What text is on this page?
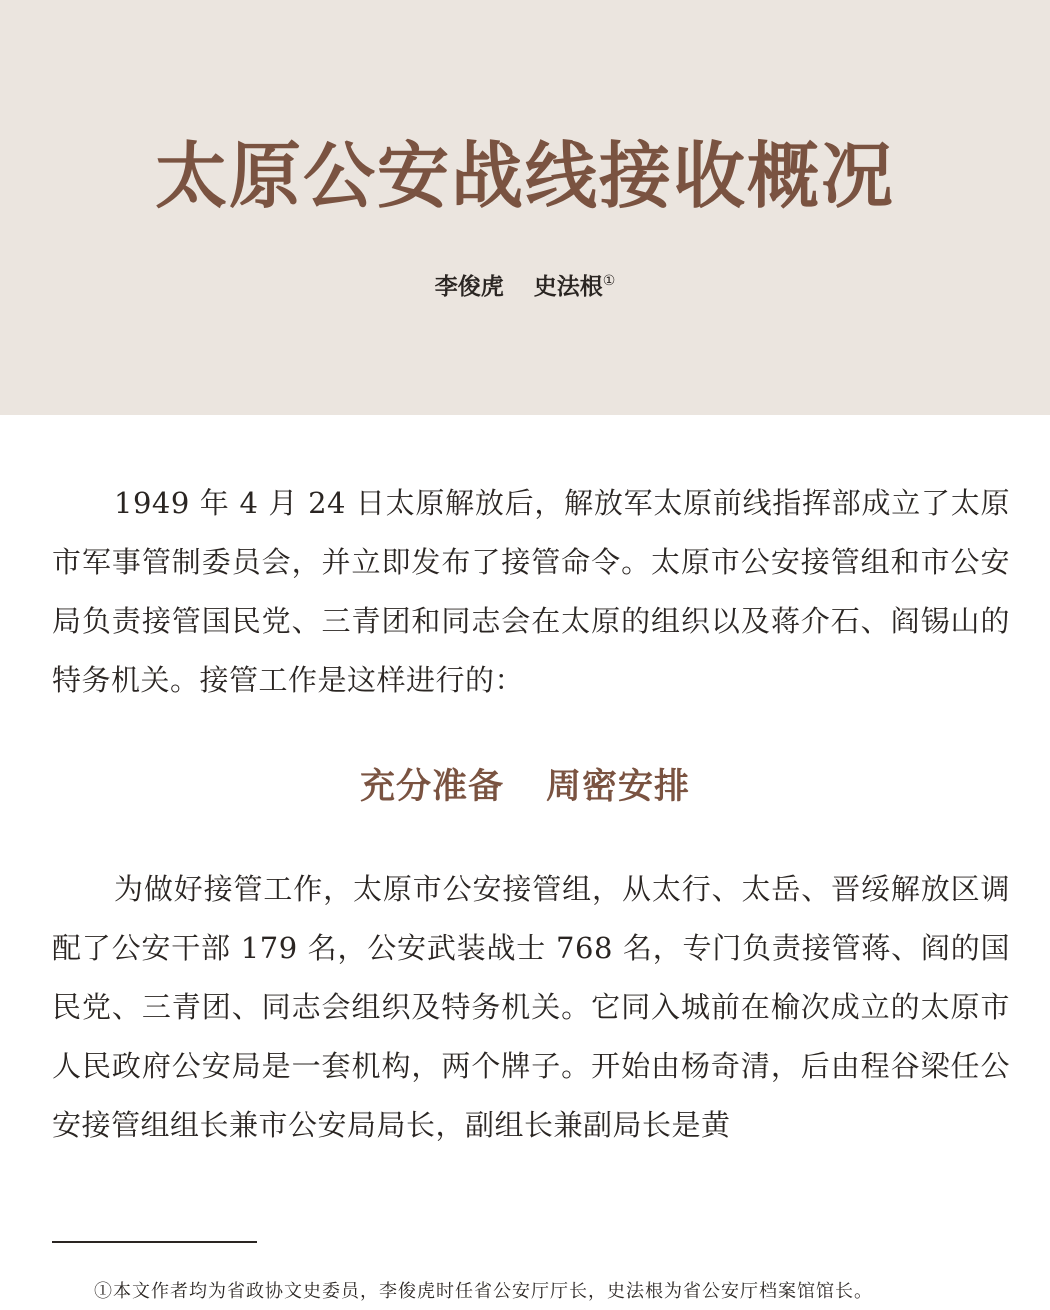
太原公安战线接收概况
李俊虎 史法根①

1949 年 4 月 24 日太原解放后，解放军太原前线指挥部成立了太原市军事管制委员会，并立即发布了接管命令。太原市公安接管组和市公安局负责接管国民党、三青团和同志会在太原的组织以及蒋介石、阎锡山的特务机关。接管工作是这样进行的：

充分准备 周密安排

为做好接管工作，太原市公安接管组，从太行、太岳、晋绥解放区调配了公安干部 179 名，公安武装战士 768 名，专门负责接管蒋、阎的国民党、三青团、同志会组织及特务机关。它同入城前在榆次成立的太原市人民政府公安局是一套机构，两个牌子。开始由杨奇清，后由程谷梁任公安接管组组长兼市公安局局长，副组长兼副局长是黄

①本文作者均为省政协文史委员，李俊虎时任省公安厅厅长，史法根为省公安厅档案馆馆长。
